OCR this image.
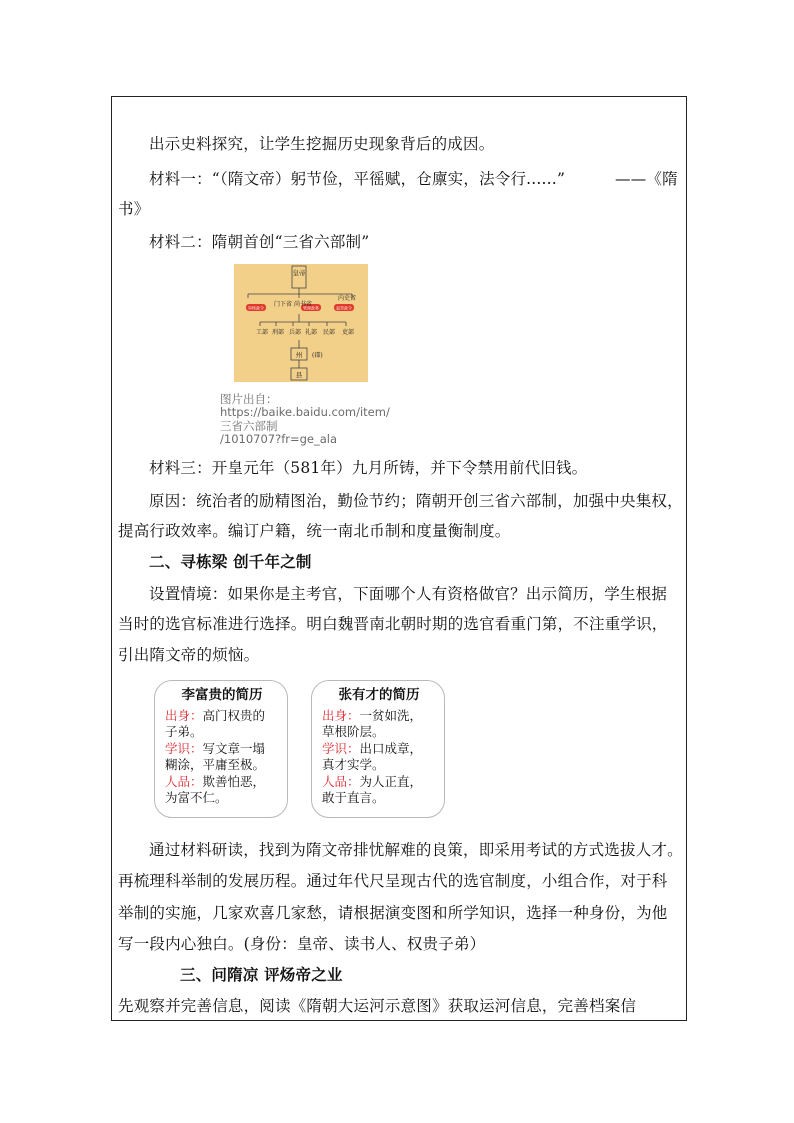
出示史料探究，让学生挖掘历史现象背后的成因。
材料一：“（隋文帝）躬节俭，平徭赋，仓廪实，法令行......”	——《隋
书》
材料二：隋朝首创“三省六部制”
皇帝
审核政令	管理政务	起草政令
门下省 尚书省
内史省
工部 刑部 兵部 礼部 民部 吏部
州 (郡)
县
图片出自：
https://baike.baidu.com/item/
三省六部制
/1010707?fr=ge_ala
材料三：开皇元年（581年）九月所铸，并下令禁用前代旧钱。
原因：统治者的励精图治，勤俭节约；隋朝开创三省六部制，加强中央集权，
提高行政效率。编订户籍，统一南北币制和度量衡制度。
二、寻栋梁 创千年之制
设置情境：如果你是主考官，下面哪个人有资格做官？出示简历，学生根据
当时的选官标准进行选择。明白魏晋南北朝时期的选官看重门第，不注重学识，
引出隋文帝的烦恼。
李富贵的简历
出身：高门权贵的
子弟。
学识：写文章一塌
糊涂，平庸至极。
人品：欺善怕恶，
为富不仁。
张有才的简历
出身：一贫如洗，
草根阶层。
学识：出口成章，
真才实学。
人品：为人正直，
敢于直言。
通过材料研读，找到为隋文帝排忧解难的良策，即采用考试的方式选拔人才。
再梳理科举制的发展历程。通过年代尺呈现古代的选官制度，小组合作，对于科
举制的实施，几家欢喜几家愁，请根据演变图和所学知识，选择一种身份，为他
写一段内心独白。(身份：皇帝、读书人、权贵子弟）
三、问隋凉 评炀帝之业
先观察并完善信息，阅读《隋朝大运河示意图》获取运河信息，完善档案信
